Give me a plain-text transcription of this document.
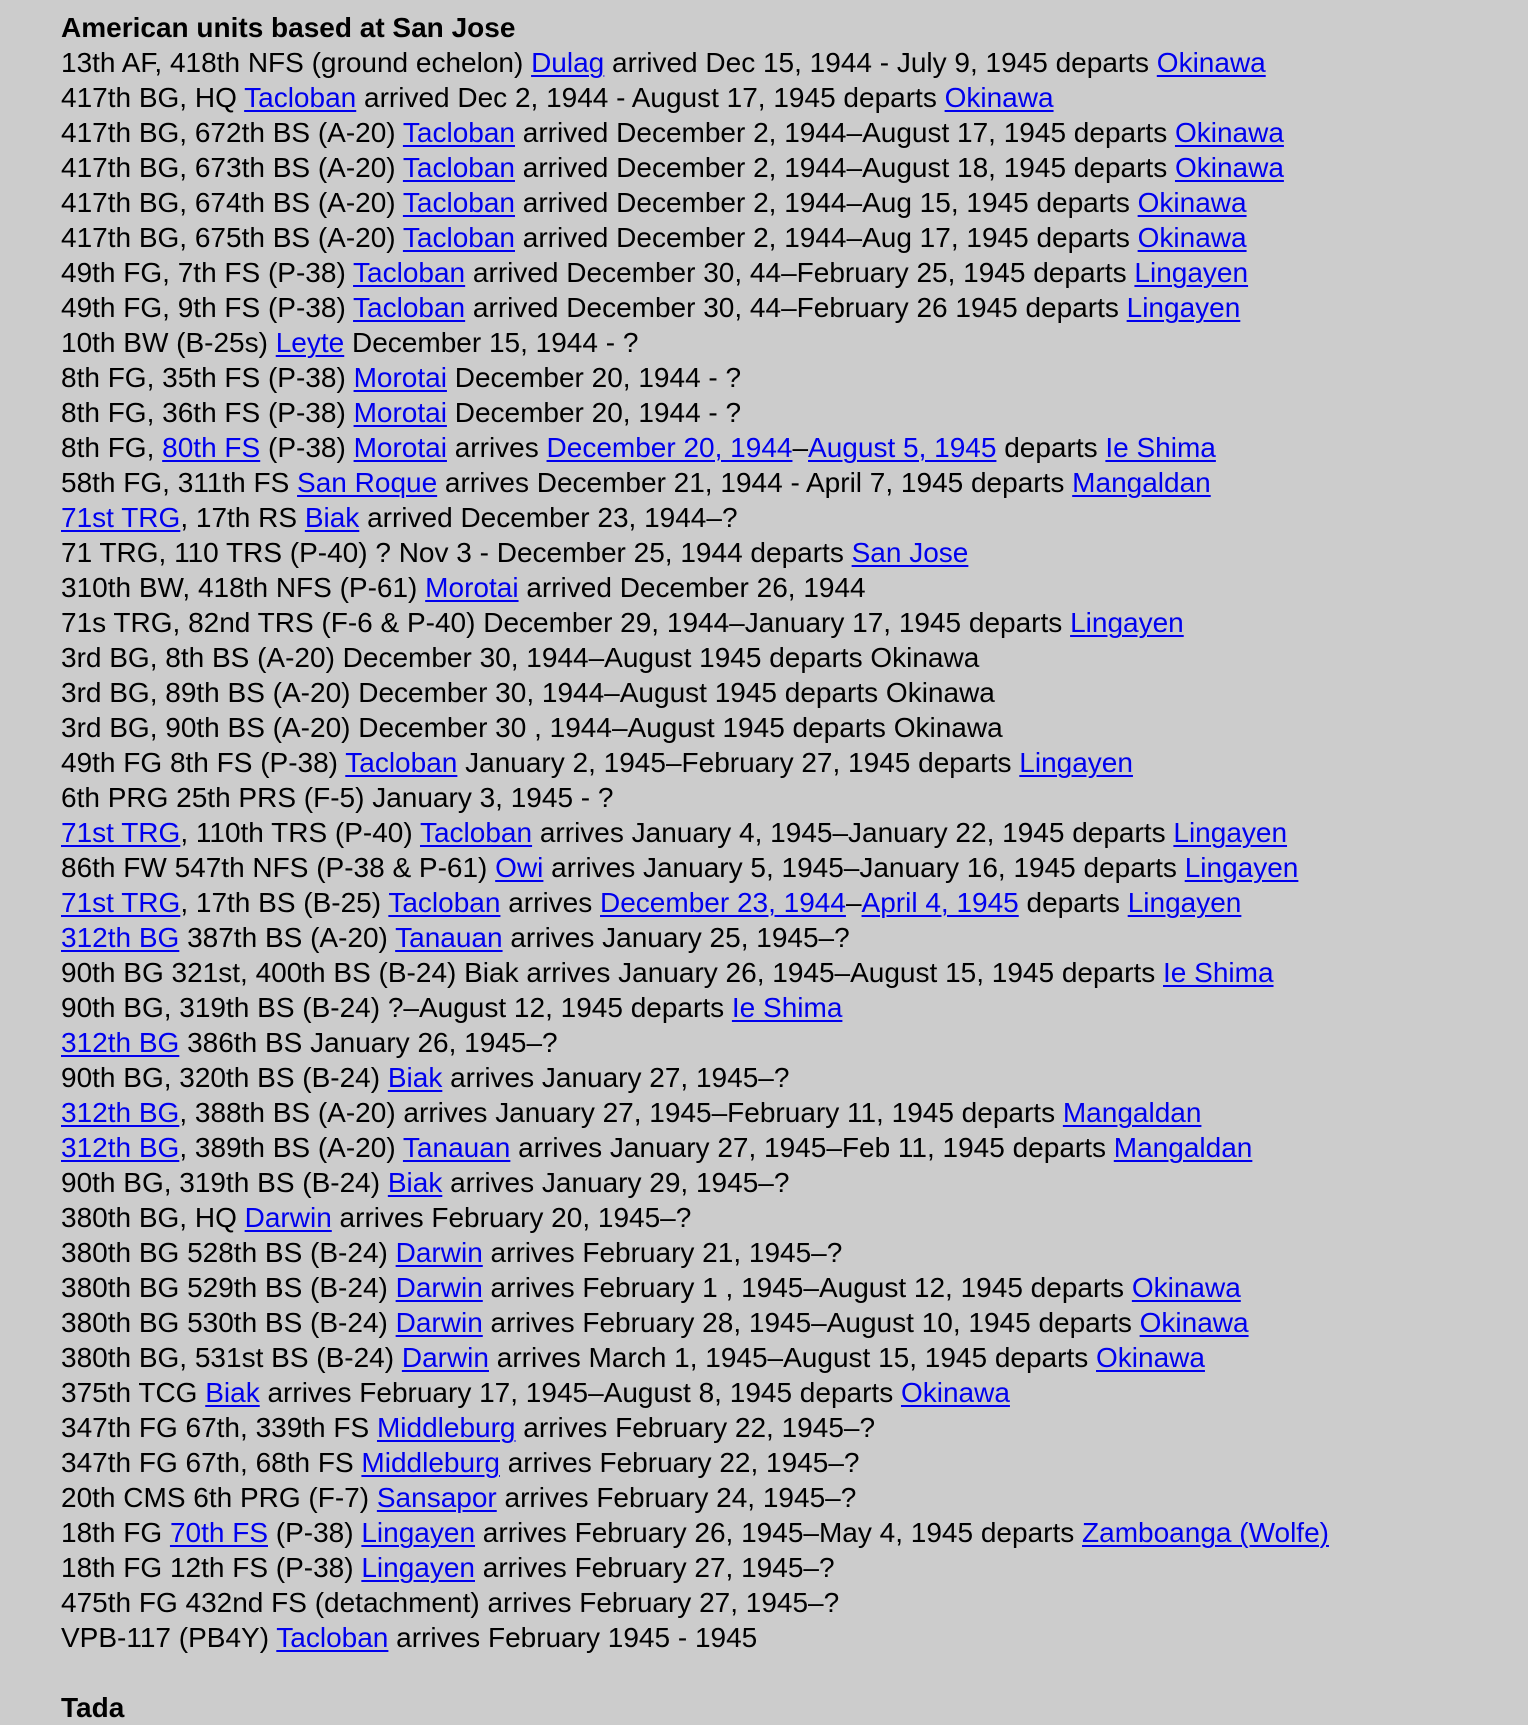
American units based at San Jose
13th AF, 418th NFS (ground echelon) Dulag arrived Dec 15, 1944 - July 9, 1945 departs Okinawa
417th BG, HQ Tacloban arrived Dec 2, 1944 - August 17, 1945 departs Okinawa
417th BG, 672th BS (A-20) Tacloban arrived December 2, 1944–August 17, 1945 departs Okinawa
417th BG, 673th BS (A-20) Tacloban arrived December 2, 1944–August 18, 1945 departs Okinawa
417th BG, 674th BS (A-20) Tacloban arrived December 2, 1944–Aug 15, 1945 departs Okinawa
417th BG, 675th BS (A-20) Tacloban arrived December 2, 1944–Aug 17, 1945 departs Okinawa
49th FG, 7th FS (P-38) Tacloban arrived December 30, 44–February 25, 1945 departs Lingayen
49th FG, 9th FS (P-38) Tacloban arrived December 30, 44–February 26 1945 departs Lingayen
10th BW (B-25s) Leyte December 15, 1944 - ?
8th FG, 35th FS (P-38) Morotai December 20, 1944 - ?
8th FG, 36th FS (P-38) Morotai December 20, 1944 - ?
8th FG, 80th FS (P-38) Morotai arrives December 20, 1944–August 5, 1945 departs Ie Shima
58th FG, 311th FS San Roque arrives December 21, 1944 - April 7, 1945 departs Mangaldan
71st TRG, 17th RS Biak arrived December 23, 1944–?
71 TRG, 110 TRS (P-40) ? Nov 3 - December 25, 1944 departs San Jose
310th BW, 418th NFS (P-61) Morotai arrived December 26, 1944
71s TRG, 82nd TRS (F-6 & P-40) December 29, 1944–January 17, 1945 departs Lingayen
3rd BG, 8th BS (A-20) December 30, 1944–August 1945 departs Okinawa
3rd BG, 89th BS (A-20) December 30, 1944–August 1945 departs Okinawa
3rd BG, 90th BS (A-20) December 30 , 1944–August 1945 departs Okinawa
49th FG 8th FS (P-38) Tacloban January 2, 1945–February 27, 1945 departs Lingayen
6th PRG 25th PRS (F-5) January 3, 1945 - ?
71st TRG, 110th TRS (P-40) Tacloban arrives January 4, 1945–January 22, 1945 departs Lingayen
86th FW 547th NFS (P-38 & P-61) Owi arrives January 5, 1945–January 16, 1945 departs Lingayen
71st TRG, 17th BS (B-25) Tacloban arrives December 23, 1944–April 4, 1945 departs Lingayen
312th BG 387th BS (A-20) Tanauan arrives January 25, 1945–?
90th BG 321st, 400th BS (B-24) Biak arrives January 26, 1945–August 15, 1945 departs Ie Shima
90th BG, 319th BS (B-24) ?–August 12, 1945 departs Ie Shima
312th BG 386th BS January 26, 1945–?
90th BG, 320th BS (B-24) Biak arrives January 27, 1945–?
312th BG, 388th BS (A-20) arrives January 27, 1945–February 11, 1945 departs Mangaldan
312th BG, 389th BS (A-20) Tanauan arrives January 27, 1945–Feb 11, 1945 departs Mangaldan
90th BG, 319th BS (B-24) Biak arrives January 29, 1945–?
380th BG, HQ Darwin arrives February 20, 1945–?
380th BG 528th BS (B-24) Darwin arrives February 21, 1945–?
380th BG 529th BS (B-24) Darwin arrives February 1 , 1945–August 12, 1945 departs Okinawa
380th BG 530th BS (B-24) Darwin arrives February 28, 1945–August 10, 1945 departs Okinawa
380th BG, 531st BS (B-24) Darwin arrives March 1, 1945–August 15, 1945 departs Okinawa
375th TCG Biak arrives February 17, 1945–August 8, 1945 departs Okinawa
347th FG 67th, 339th FS Middleburg arrives February 22, 1945–?
347th FG 67th, 68th FS Middleburg arrives February 22, 1945–?
20th CMS 6th PRG (F-7) Sansapor arrives February 24, 1945–?
18th FG 70th FS (P-38) Lingayen arrives February 26, 1945–May 4, 1945 departs Zamboanga (Wolfe)
18th FG 12th FS (P-38) Lingayen arrives February 27, 1945–?
475th FG 432nd FS (detachment) arrives February 27, 1945–?
VPB-117 (PB4Y) Tacloban arrives February 1945 - 1945
Tada
